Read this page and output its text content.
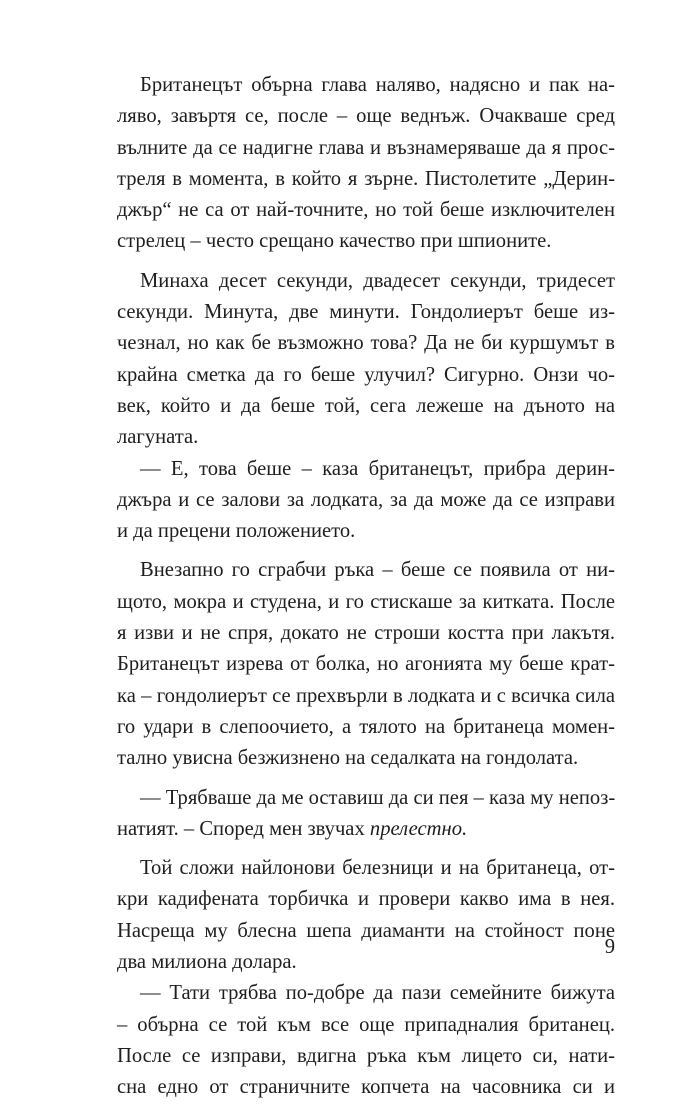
Британецът обърна глава наляво, надясно и пак на-
ляво, завъртя се, после – още веднъж. Очакваше сред
вълните да се надигне глава и възнамеряваше да я прос-
треля в момента, в който я зърне. Пистолетите „Дерин-
джър“ не са от най-точните, но той беше изключителен
стрелец – често срещано качество при шпионите.
Минаха десет секунди, двадесет секунди, тридесет
секунди. Минута, две минути. Гондолиерът беше из-
чезнал, но как бе възможно това? Да не би куршумът в
крайна сметка да го беше улучил? Сигурно. Онзи чо-
век, който и да беше той, сега лежеше на дъното на
лагуната.
— Е, това беше – каза британецът, прибра дерин-
джъра и се залови за лодката, за да може да се изправи
и да прецени положението.
Внезапно го сграбчи ръка – беше се появила от ни-
щото, мокра и студена, и го стискаше за китката. После
я изви и не спря, докато не строши костта при лакътя.
Британецът изрева от болка, но агонията му беше крат-
ка – гондолиерът се прехвърли в лодката и с всичка сила
го удари в слепоочието, а тялото на британеца момен-
тално увисна безжизнено на седалката на гондолата.
— Трябваше да ме оставиш да си пея – каза му непоз-
натият. – Според мен звучах прелестно.
Той сложи найлонови белезници и на британеца, от-
кри кадифената торбичка и провери какво има в нея.
Насреща му блесна шепа диаманти на стойност поне
два милиона долара.
— Тати трябва по-добре да пази семейните бижута
– обърна се той към все още припадналия британец.
После се изправи, вдигна ръка към лицето си, нати-
сна едно от страничните копчета на часовника си и
9
